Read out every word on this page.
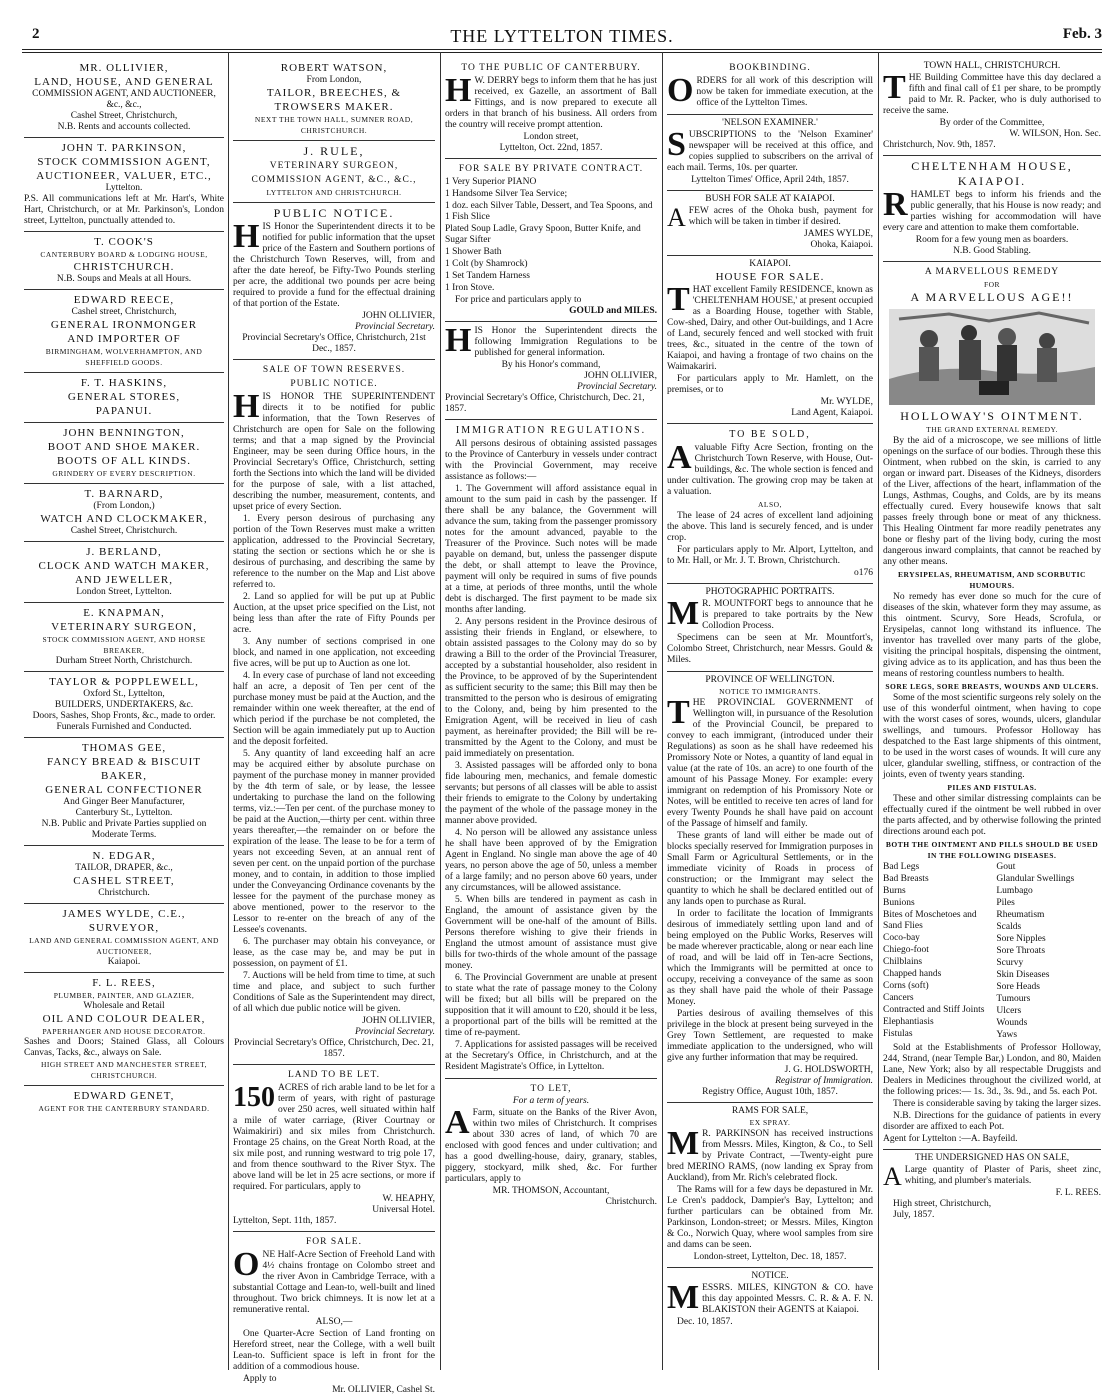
2	THE LYTTELTON TIMES.	Feb. 3
MR. OLLIVIER,
LAND, HOUSE, AND GENERAL
COMMISSION AGENT, AND AUCTIONEER, &c., &c.,
Cashel Street, Christchurch,
N.B. Rents and accounts collected.
JOHN T. PARKINSON,
STOCK COMMISSION AGENT,
AUCTIONEER, VALUER, ETC.,
Lyttelton.
P.S. All communications left at Mr. Hart's, White Hart, Christchurch, or at Mr. Parkinson's, London street, Lyttelton, punctually attended to.
T. COOK'S
CANTERBURY BOARD & LODGING HOUSE,
CHRISTCHURCH.
N.B. Soups and Meals at all Hours.
EDWARD REECE,
Cashel street, Christchurch,
GENERAL IRONMONGER
AND IMPORTER OF
BIRMINGHAM, WOLVERHAMPTON, AND SHEFFIELD GOODS.
F. T. HASKINS,
GENERAL STORES,
PAPANUI.
JOHN BENNINGTON,
BOOT AND SHOE MAKER.
BOOTS OF ALL KINDS.
GRINDERY OF EVERY DESCRIPTION.
T. BARNARD,
(From London,)
WATCH AND CLOCKMAKER,
Cashel Street, Christchurch.
J. BERLAND,
CLOCK AND WATCH MAKER,
AND JEWELLER,
London Street, Lyttelton.
E. KNAPMAN,
VETERINARY SURGEON,
STOCK COMMISSION AGENT, AND HORSE BREAKER,
Durham Street North, Christchurch.
TAYLOR & POPPLEWELL,
Oxford St., Lyttelton,
BUILDERS, UNDERTAKERS, &c.
Doors, Sashes, Shop Fronts, &c., made to order.
Funerals Furnished and Conducted.
THOMAS GEE,
FANCY BREAD & BISCUIT BAKER,
GENERAL CONFECTIONER
And Ginger Beer Manufacturer,
Canterbury St., Lyttelton.
N.B. Public and Private Parties supplied on Moderate Terms.
N. EDGAR,
TAILOR, DRAPER, &c.,
CASHEL STREET,
Christchurch.
JAMES WYLDE, C.E.,
SURVEYOR,
LAND AND GENERAL COMMISSION AGENT, AND AUCTIONEER,
Kaiapoi.
F. L. REES,
PLUMBER, PAINTER, AND GLAZIER,
Wholesale and Retail
OIL AND COLOUR DEALER,
PAPERHANGER AND HOUSE DECORATOR.
Sashes and Doors; Stained Glass, all Colours Canvas, Tacks, &c., always on Sale.
HIGH STREET AND MANCHESTER STREET, CHRISTCHURCH.
EDWARD GENET,
AGENT FOR THE CANTERBURY STANDARD.
ROBERT WATSON,
From London,
TAILOR, BREECHES, & TROWSERS MAKER.
NEXT THE TOWN HALL, SUMNER ROAD, CHRISTCHURCH.
J. RULE,
VETERINARY SURGEON, COMMISSION AGENT, &C., &C.,
LYTTELTON AND CHRISTCHURCH.
PUBLIC NOTICE.

HIS Honor the Superintendent directs it to be notified for public information that the upset price of the Eastern and Southern portions of the Christchurch Town Reserves, will, from and after the date hereof, be Fifty-Two Pounds sterling per acre, the additional two pounds per acre being required to provide a fund for the effectual draining of that portion of the Estate.

JOHN OLLIVIER,
Provincial Secretary.
Provincial Secretary's Office, Christchurch, 21st Dec., 1857.
SALE OF TOWN RESERVES.
PUBLIC NOTICE.

HIS HONOR THE SUPERINTENDENT directs it to be notified for public information, that the Town Reserves of Christchurch are open for Sale on the following terms; and that a map signed by the Provincial Engineer, may be seen during Office hours, in the Provincial Secretary's Office, Christchurch, setting forth the Sections into which the land will be divided for the purpose of sale, with a list attached, describing the number, measurement, contents, and upset price of every Section.

1. Every person desirous of purchasing any portion of the Town Reserves must make a written application, addressed to the Provincial Secretary, stating the section or sections which he or she is desirous of purchasing, and describing the same by reference to the number on the Map and List above referred to.

2. Land so applied for will be put up at Public Auction, at the upset price specified on the List, not being less than after the rate of Fifty Pounds per acre.

3. Any number of sections comprised in one block, and named in one application, not exceeding five acres, will be put up to Auction as one lot.

4. In every case of purchase of land not exceeding half an acre, a deposit of Ten per cent of the purchase money must be paid at the Auction, and the remainder within one week thereafter, at the end of which period if the purchase be not completed, the Section will be again immediately put up to Auction and the deposit forfeited.

5. Any quantity of land exceeding half an acre may be acquired either by absolute purchase on payment of the purchase money in manner provided by the 4th term of sale, or by lease, the lessee undertaking to purchase the land on the following terms, viz.:—Ten per cent. of the purchase money to be paid at the Auction,—thirty per cent. within three years thereafter,—the remainder on or before the expiration of the lease. The lease to be for a term of years not exceeding Seven, at an annual rent of seven per cent. on the unpaid portion of the purchase money, and to contain, in addition to those implied under the Conveyancing Ordinance covenants by the lessee for the payment of the purchase money as above mentioned, power to the reservor to the Lessor to re-enter on the breach of any of the Lessee's covenants.

6. The purchaser may obtain his conveyance, or lease, as the case may be, and may be put in possession, on payment of £1.

7. Auctions will be held from time to time, at such time and place, and subject to such further Conditions of Sale as the Superintendent may direct, of all which due public notice will be given.

JOHN OLLIVIER,
Provincial Secretary.
Provincial Secretary's Office, Christchurch, Dec. 21, 1857.
LAND TO BE LET.

150 ACRES of rich arable land to be let for a term of years, with right of pasturage over 250 acres, well situated within half a mile of water carriage, (River Courtnay or Waimakiriri) and six miles from Christchurch. Frontage 25 chains, on the Great North Road, at the six mile post, and running westward to trig pole 17, and from thence southward to the River Styx. The above land will be let in 25 acre sections, or more if required. For particulars, apply to

W. HEAPHY,
Universal Hotel.
Lyttelton, Sept. 11th, 1857.
FOR SALE.

ONE Half-Acre Section of Freehold Land with 4½ chains frontage on Colombo street and the river Avon in Cambridge Terrace, with a substantial Cottage and Lean-to, well-built and lined throughout. Two brick chimneys. It is now let at a remunerative rental.

ALSO,—

One Quarter-Acre Section of Land fronting on Hereford street, near the College, with a well built Lean-to. Sufficient space is left in front for the addition of a commodious house.

Apply to
Mr. OLLIVIER, Cashel St.
TO THE PUBLIC OF CANTERBURY.

H W. DERRY begs to inform them that he has just received, ex Gazelle, an assortment of Ball Fittings, and is now prepared to execute all orders in that branch of his business. All orders from the country will receive prompt attention.

London street,
Lyttelton, Oct. 22nd, 1857.
FOR SALE BY PRIVATE CONTRACT.

1 Very Superior PIANO

1 Handsome Silver Tea Service;

1 doz. each Silver Table, Dessert, and Tea Spoons, and 1 Fish Slice

Plated Soup Ladle, Gravy Spoon, Butter Knife, and Sugar Sifter

1 Shower Bath

1 Colt (by Shamrock)

1 Set Tandem Harness

1 Iron Stove.

For price and particulars apply to
GOULD and MILES.

HIS Honor the Superintendent directs the following Immigration Regulations to be published for general information.

By his Honor's command,
JOHN OLLIVIER,
Provincial Secretary.
Provincial Secretary's Office, Christchurch, Dec. 21, 1857.
IMMIGRATION REGULATIONS.

All persons desirous of obtaining assisted passages to the Province of Canterbury in vessels under contract with the Provincial Government, may receive assistance as follows:—

1. The Government will afford assistance equal in amount to the sum paid in cash by the passenger. If there shall be any balance, the Government will advance the sum, taking from the passenger promissory notes for the amount advanced, payable to the Treasurer of the Province. Such notes will be made payable on demand, but, unless the passenger dispute the debt, or shall attempt to leave the Province, payment will only be required in sums of five pounds at a time, at periods of three months, until the whole debt is discharged. The first payment to be made six months after landing.

2. Any persons resident in the Province desirous of assisting their friends in England, or elsewhere, to obtain assisted passages to the Colony may do so by drawing a Bill to the order of the Provincial Treasurer, accepted by a substantial householder, also resident in the Province, to be approved of by the Superintendent as sufficient security to the same; this Bill may then be transmitted to the person who is desirous of emigrating to the Colony, and, being by him presented to the Emigration Agent, will be received in lieu of cash payment, as hereinafter provided; the Bill will be re-transmitted by the Agent to the Colony, and must be paid immediately on presentation.

3. Assisted passages will be afforded only to bona fide labouring men, mechanics, and female domestic servants; but persons of all classes will be able to assist their friends to emigrate to the Colony by undertaking the payment of the whole of the passage money in the manner above provided.

4. No person will be allowed any assistance unless he shall have been approved of by the Emigration Agent in England. No single man above the age of 40 years, no person above the age of 50, unless a member of a large family; and no person above 60 years, under any circumstances, will be allowed assistance.

5. When bills are tendered in payment as cash in England, the amount of assistance given by the Government will be one-half of the amount of Bills. Persons therefore wishing to give their friends in England the utmost amount of assistance must give bills for two-thirds of the whole amount of the passage money.

6. The Provincial Government are unable at present to state what the rate of passage money to the Colony will be fixed; but all bills will be prepared on the supposition that it will amount to £20, should it be less, a proportional part of the bills will be remitted at the time of re-payment.

7. Applications for assisted passages will be received at the Secretary's Office, in Christchurch, and at the Resident Magistrate's Office, in Lyttelton.

TO LET,
For a term of years.

A Farm, situate on the Banks of the River Avon, within two miles of Christchurch. It comprises about 330 acres of land, of which 70 are enclosed with good fences and under cultivation; and has a good dwelling-house, dairy, granary, stables, piggery, stockyard, milk shed, &c. For further particulars, apply to

MR. THOMSON, Accountant,
Christchurch.
BOOKBINDING.

ORDERS for all work of this description will now be taken for immediate execution, at the office of the Lyttelton Times.

'NELSON EXAMINER.'

SUBSCRIPTIONS to the 'Nelson Examiner' newspaper will be received at this office, and copies supplied to subscribers on the arrival of each mail. Terms, 10s. per quarter.

Lyttelton Times' Office, April 24th, 1857.
BUSH FOR SALE AT KAIAPOI.

AFEW acres of the Ohoka bush, payment for which will be taken in timber if desired.

JAMES WYLDE,
Ohoka, Kaiapoi.
KAIAPOI.
HOUSE FOR SALE.

THAT excellent Family RESIDENCE, known as 'CHELTENHAM HOUSE,' at present occupied as a Boarding House, together with Stable, Cow-shed, Dairy, and other Out-buildings, and 1 Acre of Land, securely fenced and well stocked with fruit trees, &c., situated in the centre of the town of Kaiapoi, and having a frontage of two chains on the Waimakariri.

For particulars apply to Mr. Hamlett, on the premises, or to

Mr. WYLDE,
Land Agent, Kaiapoi.
TO BE SOLD,

Avaluable Fifty Acre Section, fronting on the Christchurch Town Reserve, with House, Out-buildings, &c. The whole section is fenced and under cultivation. The growing crop may be taken at a valuation.

ALSO,

The lease of 24 acres of excellent land adjoining the above. This land is securely fenced, and is under crop.

For particulars apply to Mr. Alport, Lyttelton, and to Mr. Hall, or Mr. J. T. Brown, Christchurch.

o176
PHOTOGRAPHIC PORTRAITS.

M R. MOUNTFORT begs to announce that he is prepared to take portraits by the New Collodion Process.

Specimens can be seen at Mr. Mountfort's, Colombo Street, Christchurch, near Messrs. Gould & Miles.

PROVINCE OF WELLINGTON.
NOTICE TO IMMIGRANTS.

THE PROVINCIAL GOVERNMENT of Wellington will, in pursuance of the Resolution of the Provincial Council, be prepared to convey to each immigrant, (introduced under their Regulations) as soon as he shall have redeemed his Promissory Note or Notes, a quantity of land equal in value (at the rate of 10s. an acre) to one fourth of the amount of his Passage Money. For example: every immigrant on redemption of his Promissory Note or Notes, will be entitled to receive ten acres of land for every Twenty Pounds he shall have paid on account of the Passage of himself and family.

These grants of land will either be made out of blocks specially reserved for Immigration purposes in Small Farm or Agricultural Settlements, or in the immediate vicinity of Roads in process of construction; or the Immigrant may select the quantity to which he shall be declared entitled out of any lands open to purchase as Rural.

In order to facilitate the location of Immigrants desirous of immediately settling upon land and of being employed on the Public Works, Reserves will be made wherever practicable, along or near each line of road, and will be laid off in Ten-acre Sections, which the Immigrants will be permitted at once to occupy, receiving a conveyance of the same as soon as they shall have paid the whole of their Passage Money.

Parties desirous of availing themselves of this privilege in the block at present being surveyed in the Grey Town Settlement, are requested to make immediate application to the undersigned, who will give any further information that may be required.

J. G. HOLDSWORTH,
Registrar of Immigration.
Registry Office, August 10th, 1857.
RAMS FOR SALE,
EX SPRAY.

M R. PARKINSON has received instructions from Messrs. Miles, Kington, & Co., to Sell by Private Contract, —Twenty-eight pure bred MERINO RAMS, (now landing ex Spray from Auckland), from Mr. Rich's celebrated flock.

The Rams will for a few days be depastured in Mr. Le Cren's paddock, Dampier's Bay, Lyttelton; and further particulars can be obtained from Mr. Parkinson, London-street; or Messrs. Miles, Kington & Co., Norwich Quay, where wool samples from sire and dams can be seen.

London-street, Lyttelton, Dec. 18, 1857.
NOTICE.

MESSRS. MILES, KINGTON & CO. have this day appointed Messrs. C. R. & A. F. N. BLAKISTON their AGENTS at Kaiapoi.

Dec. 10, 1857.
TOWN HALL, CHRISTCHURCH.

THE Building Committee have this day declared a fifth and final call of £1 per share, to be promptly paid to Mr. R. Packer, who is duly authorised to receive the same.

By order of the Committee,
W. WILSON, Hon. Sec.
Christchurch, Nov. 9th, 1857.
CHELTENHAM HOUSE,
KAIAPOI.

RHAMLET begs to inform his friends and the public generally, that his House is now ready; and parties wishing for accommodation will have every care and attention to make them comfortable.

Room for a few young men as boarders.
N.B. Good Stabling.
A MARVELLOUS REMEDY
FOR
A MARVELLOUS AGE!!
HOLLOWAY'S OINTMENT.
THE GRAND EXTERNAL REMEDY.

By the aid of a microscope, we see millions of little openings on the surface of our bodies. Through these this Ointment, when rubbed on the skin, is carried to any organ or inward part. Diseases of the Kidneys, disorders of the Liver, affections of the heart, inflammation of the Lungs, Asthmas, Coughs, and Colds, are by its means effectually cured. Every housewife knows that salt passes freely through bone or meat of any thickness. This Healing Ointment far more readily penetrates any bone or fleshy part of the living body, curing the most dangerous inward complaints, that cannot be reached by any other means.

ERYSIPELAS, RHEUMATISM, AND SCORBUTIC HUMOURS.

No remedy has ever done so much for the cure of diseases of the skin, whatever form they may assume, as this ointment. Scurvy, Sore Heads, Scrofula, or Erysipelas, cannot long withstand its influence. The inventor has travelled over many parts of the globe, visiting the principal hospitals, dispensing the ointment, giving advice as to its application, and has thus been the means of restoring countless numbers to health.

SORE LEGS, SORE BREASTS, WOUNDS AND ULCERS.

Some of the most scientific surgeons rely solely on the use of this wonderful ointment, when having to cope with the worst cases of sores, wounds, ulcers, glandular swellings, and tumours. Professor Holloway has despatched to the East large shipments of this ointment, to be used in the worst cases of wounds. It will cure any ulcer, glandular swelling, stiffness, or contraction of the joints, even of twenty years standing.

PILES AND FISTULAS.

These and other similar distressing complaints can be effectually cured if the ointment be well rubbed in over the parts affected, and by otherwise following the printed directions around each pot.

BOTH THE OINTMENT AND PILLS SHOULD BE USED IN THE FOLLOWING DISEASES.

Bad Legs

Bad Breasts

Burns

Bunions

Bites of Moschetoes and Sand Flies

Coco-bay

Chiego-foot

Chilblains

Chapped hands

Corns (soft)

Cancers

Contracted and Stiff Joints

Elephantiasis

Fistulas

Gout

Glandular Swellings

Lumbago

Piles

Rheumatism

Scalds

Sore Nipples

Sore Throats

Scurvy

Skin Diseases

Sore Heads

Tumours

Ulcers

Wounds

Yaws

Sold at the Establishments of Professor Holloway, 244, Strand, (near Temple Bar,) London, and 80, Maiden Lane, New York; also by all respectable Druggists and Dealers in Medicines throughout the civilized world, at the following prices:— 1s. 3d., 3s. 9d., and 5s. each Pot.

There is considerable saving by taking the larger sizes.

N.B. Directions for the guidance of patients in every disorder are affixed to each Pot.

Agent for Lyttelton :—A. Bayfeild.
THE UNDERSIGNED HAS ON SALE,

A Large quantity of Plaster of Paris, sheet zinc, whiting, and plumber's materials.

F. L. REES.
High street, Christchurch,
July, 1857.
